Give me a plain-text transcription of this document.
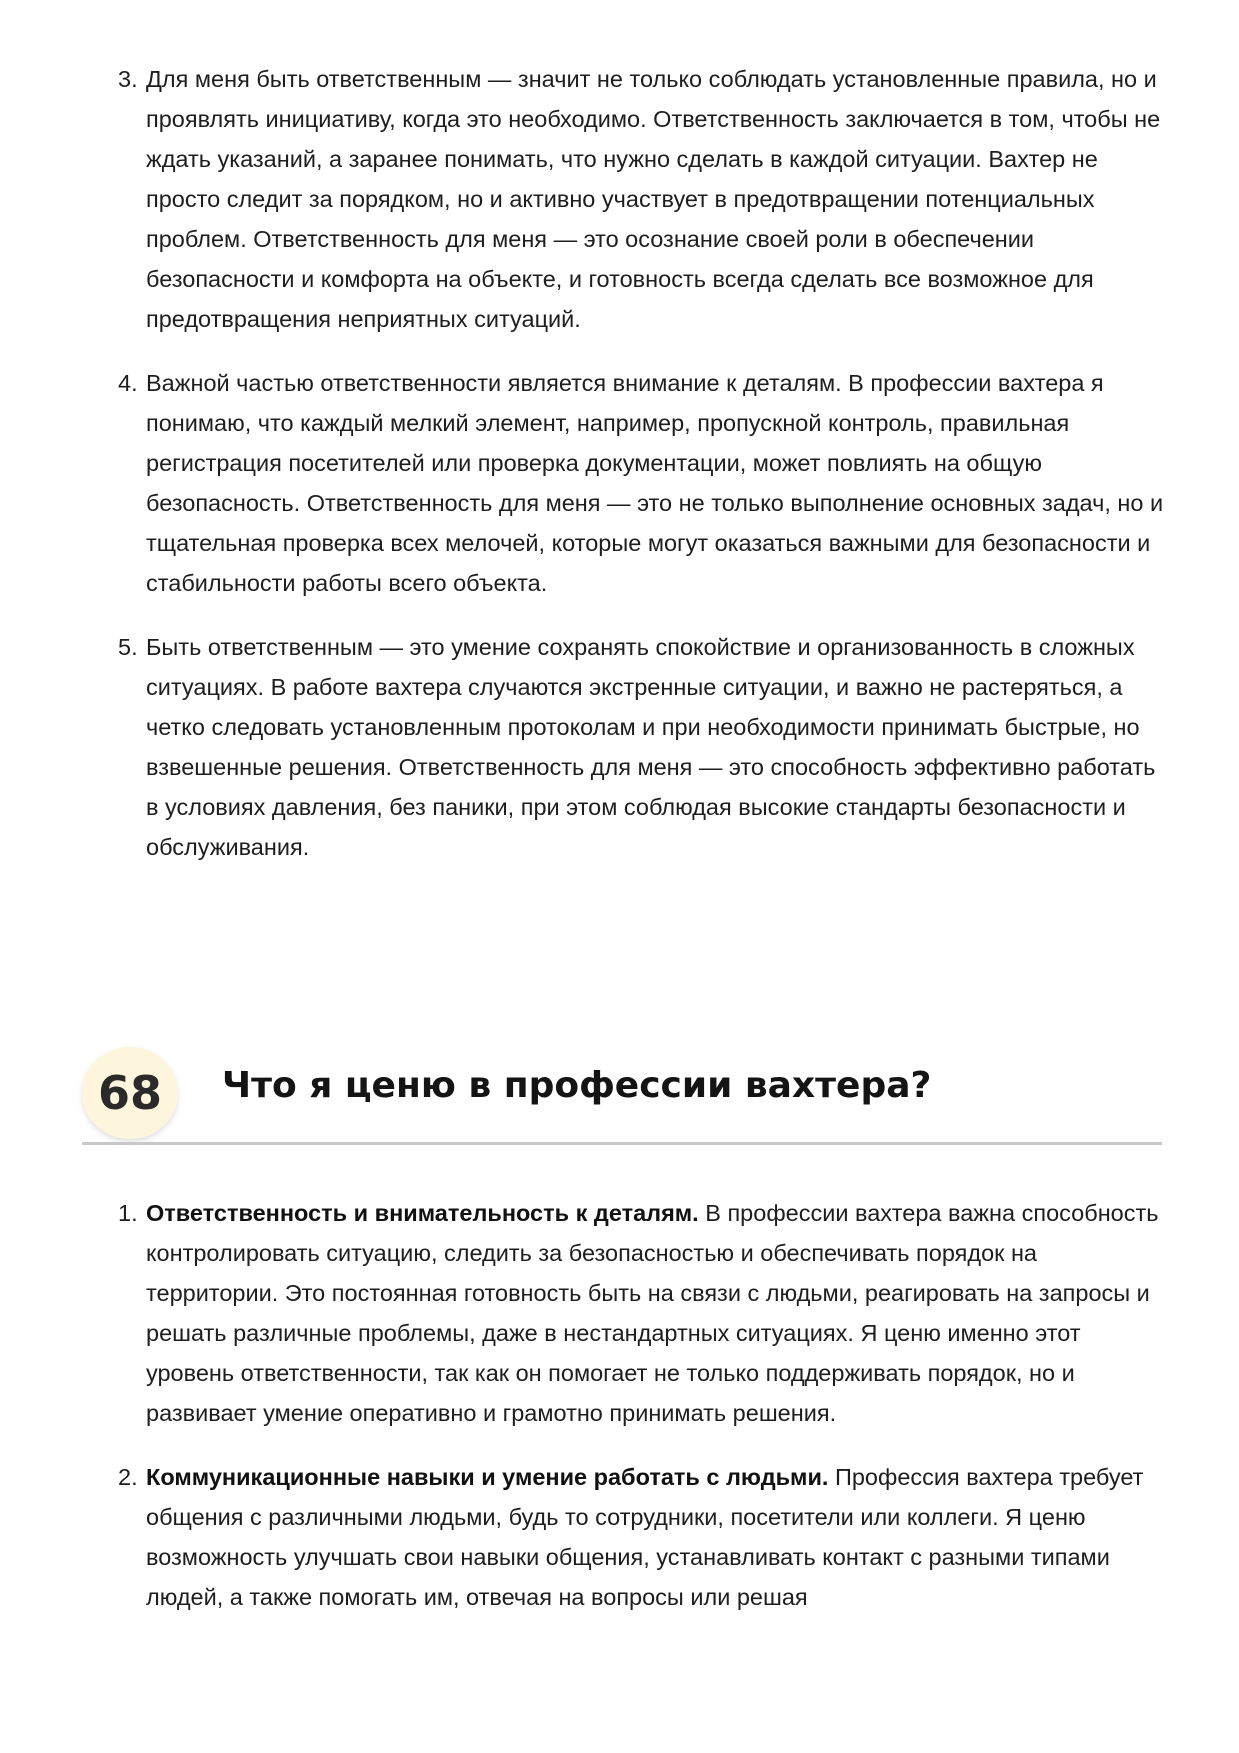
3. Для меня быть ответственным — значит не только соблюдать установленные правила, но и проявлять инициативу, когда это необходимо. Ответственность заключается в том, чтобы не ждать указаний, а заранее понимать, что нужно сделать в каждой ситуации. Вахтер не просто следит за порядком, но и активно участвует в предотвращении потенциальных проблем. Ответственность для меня — это осознание своей роли в обеспечении безопасности и комфорта на объекте, и готовность всегда сделать все возможное для предотвращения неприятных ситуаций.
4. Важной частью ответственности является внимание к деталям. В профессии вахтера я понимаю, что каждый мелкий элемент, например, пропускной контроль, правильная регистрация посетителей или проверка документации, может повлиять на общую безопасность. Ответственность для меня — это не только выполнение основных задач, но и тщательная проверка всех мелочей, которые могут оказаться важными для безопасности и стабильности работы всего объекта.
5. Быть ответственным — это умение сохранять спокойствие и организованность в сложных ситуациях. В работе вахтера случаются экстренные ситуации, и важно не растеряться, а четко следовать установленным протоколам и при необходимости принимать быстрые, но взвешенные решения. Ответственность для меня — это способность эффективно работать в условиях давления, без паники, при этом соблюдая высокие стандарты безопасности и обслуживания.
68	Что я ценю в профессии вахтера?
1. Ответственность и внимательность к деталям. В профессии вахтера важна способность контролировать ситуацию, следить за безопасностью и обеспечивать порядок на территории. Это постоянная готовность быть на связи с людьми, реагировать на запросы и решать различные проблемы, даже в нестандартных ситуациях. Я ценю именно этот уровень ответственности, так как он помогает не только поддерживать порядок, но и развивает умение оперативно и грамотно принимать решения.
2. Коммуникационные навыки и умение работать с людьми. Профессия вахтера требует общения с различными людьми, будь то сотрудники, посетители или коллеги. Я ценю возможность улучшать свои навыки общения, устанавливать контакт с разными типами людей, а также помогать им, отвечая на вопросы или решая
